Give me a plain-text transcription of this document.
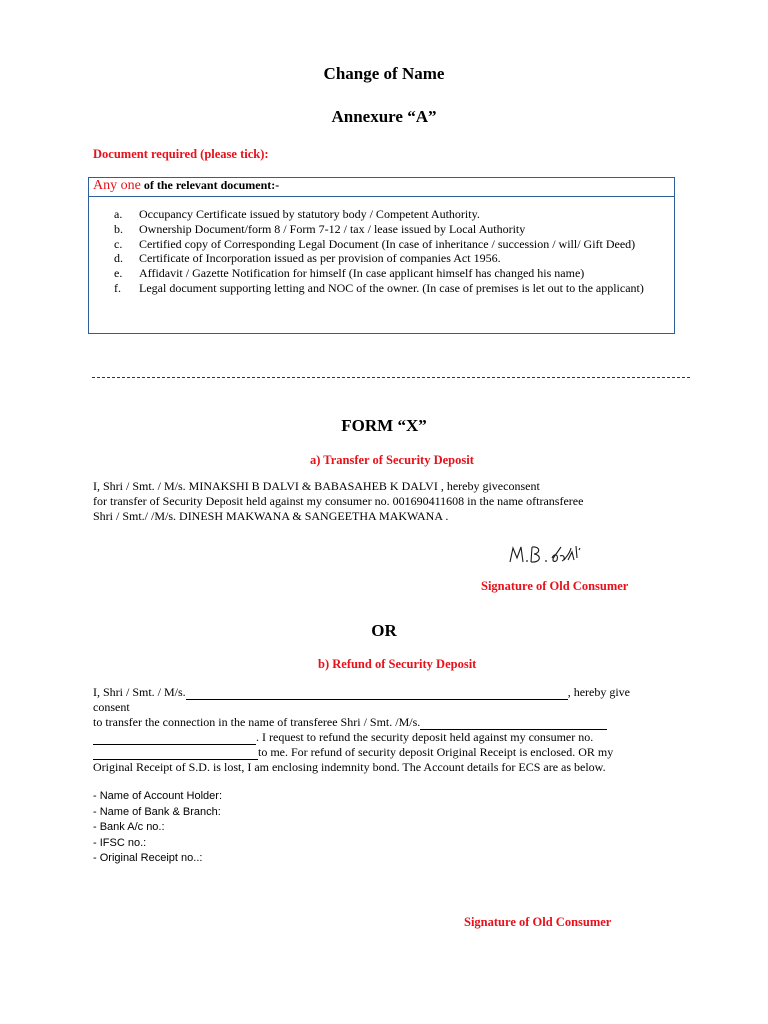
Change of Name
Annexure “A”
Document required (please tick):
Any one of the relevant document:-
a.	Occupancy Certificate issued by statutory body / Competent Authority.
b.	Ownership Document/form 8 / Form 7-12 / tax / lease issued by Local Authority
c.	Certified copy of Corresponding Legal Document (In case of inheritance / succession / will/ Gift Deed)
d.	Certificate of Incorporation issued as per provision of companies Act 1956.
e.	Affidavit / Gazette Notification for himself (In case applicant himself has changed his name)
f.	Legal document supporting letting and NOC of the owner. (In case of premises is let out to the applicant)
FORM “X”
a) Transfer of Security Deposit
I, Shri / Smt. / M/s. MINAKSHI B DALVI & BABASAHEB K DALVI , hereby giveconsent
for transfer of Security Deposit held against my consumer no. 001690411608 in the name oftransferee
Shri / Smt./ /M/s. DINESH MAKWANA & SANGEETHA MAKWANA .
Signature of Old Consumer
OR
b) Refund of Security Deposit
I, Shri / Smt. / M/s.	, hereby give
consent
to transfer the connection in the name of transferee Shri / Smt. /M/s.
. I request to refund the security deposit held against my consumer no.
to me. For refund of security deposit Original Receipt is enclosed. OR my
Original Receipt of S.D. is lost, I am enclosing indemnity bond. The Account details for ECS are as below.
- Name of Account Holder:
- Name of Bank & Branch:
- Bank A/c no.:
- IFSC no.:
- Original Receipt no..:
Signature of Old Consumer
